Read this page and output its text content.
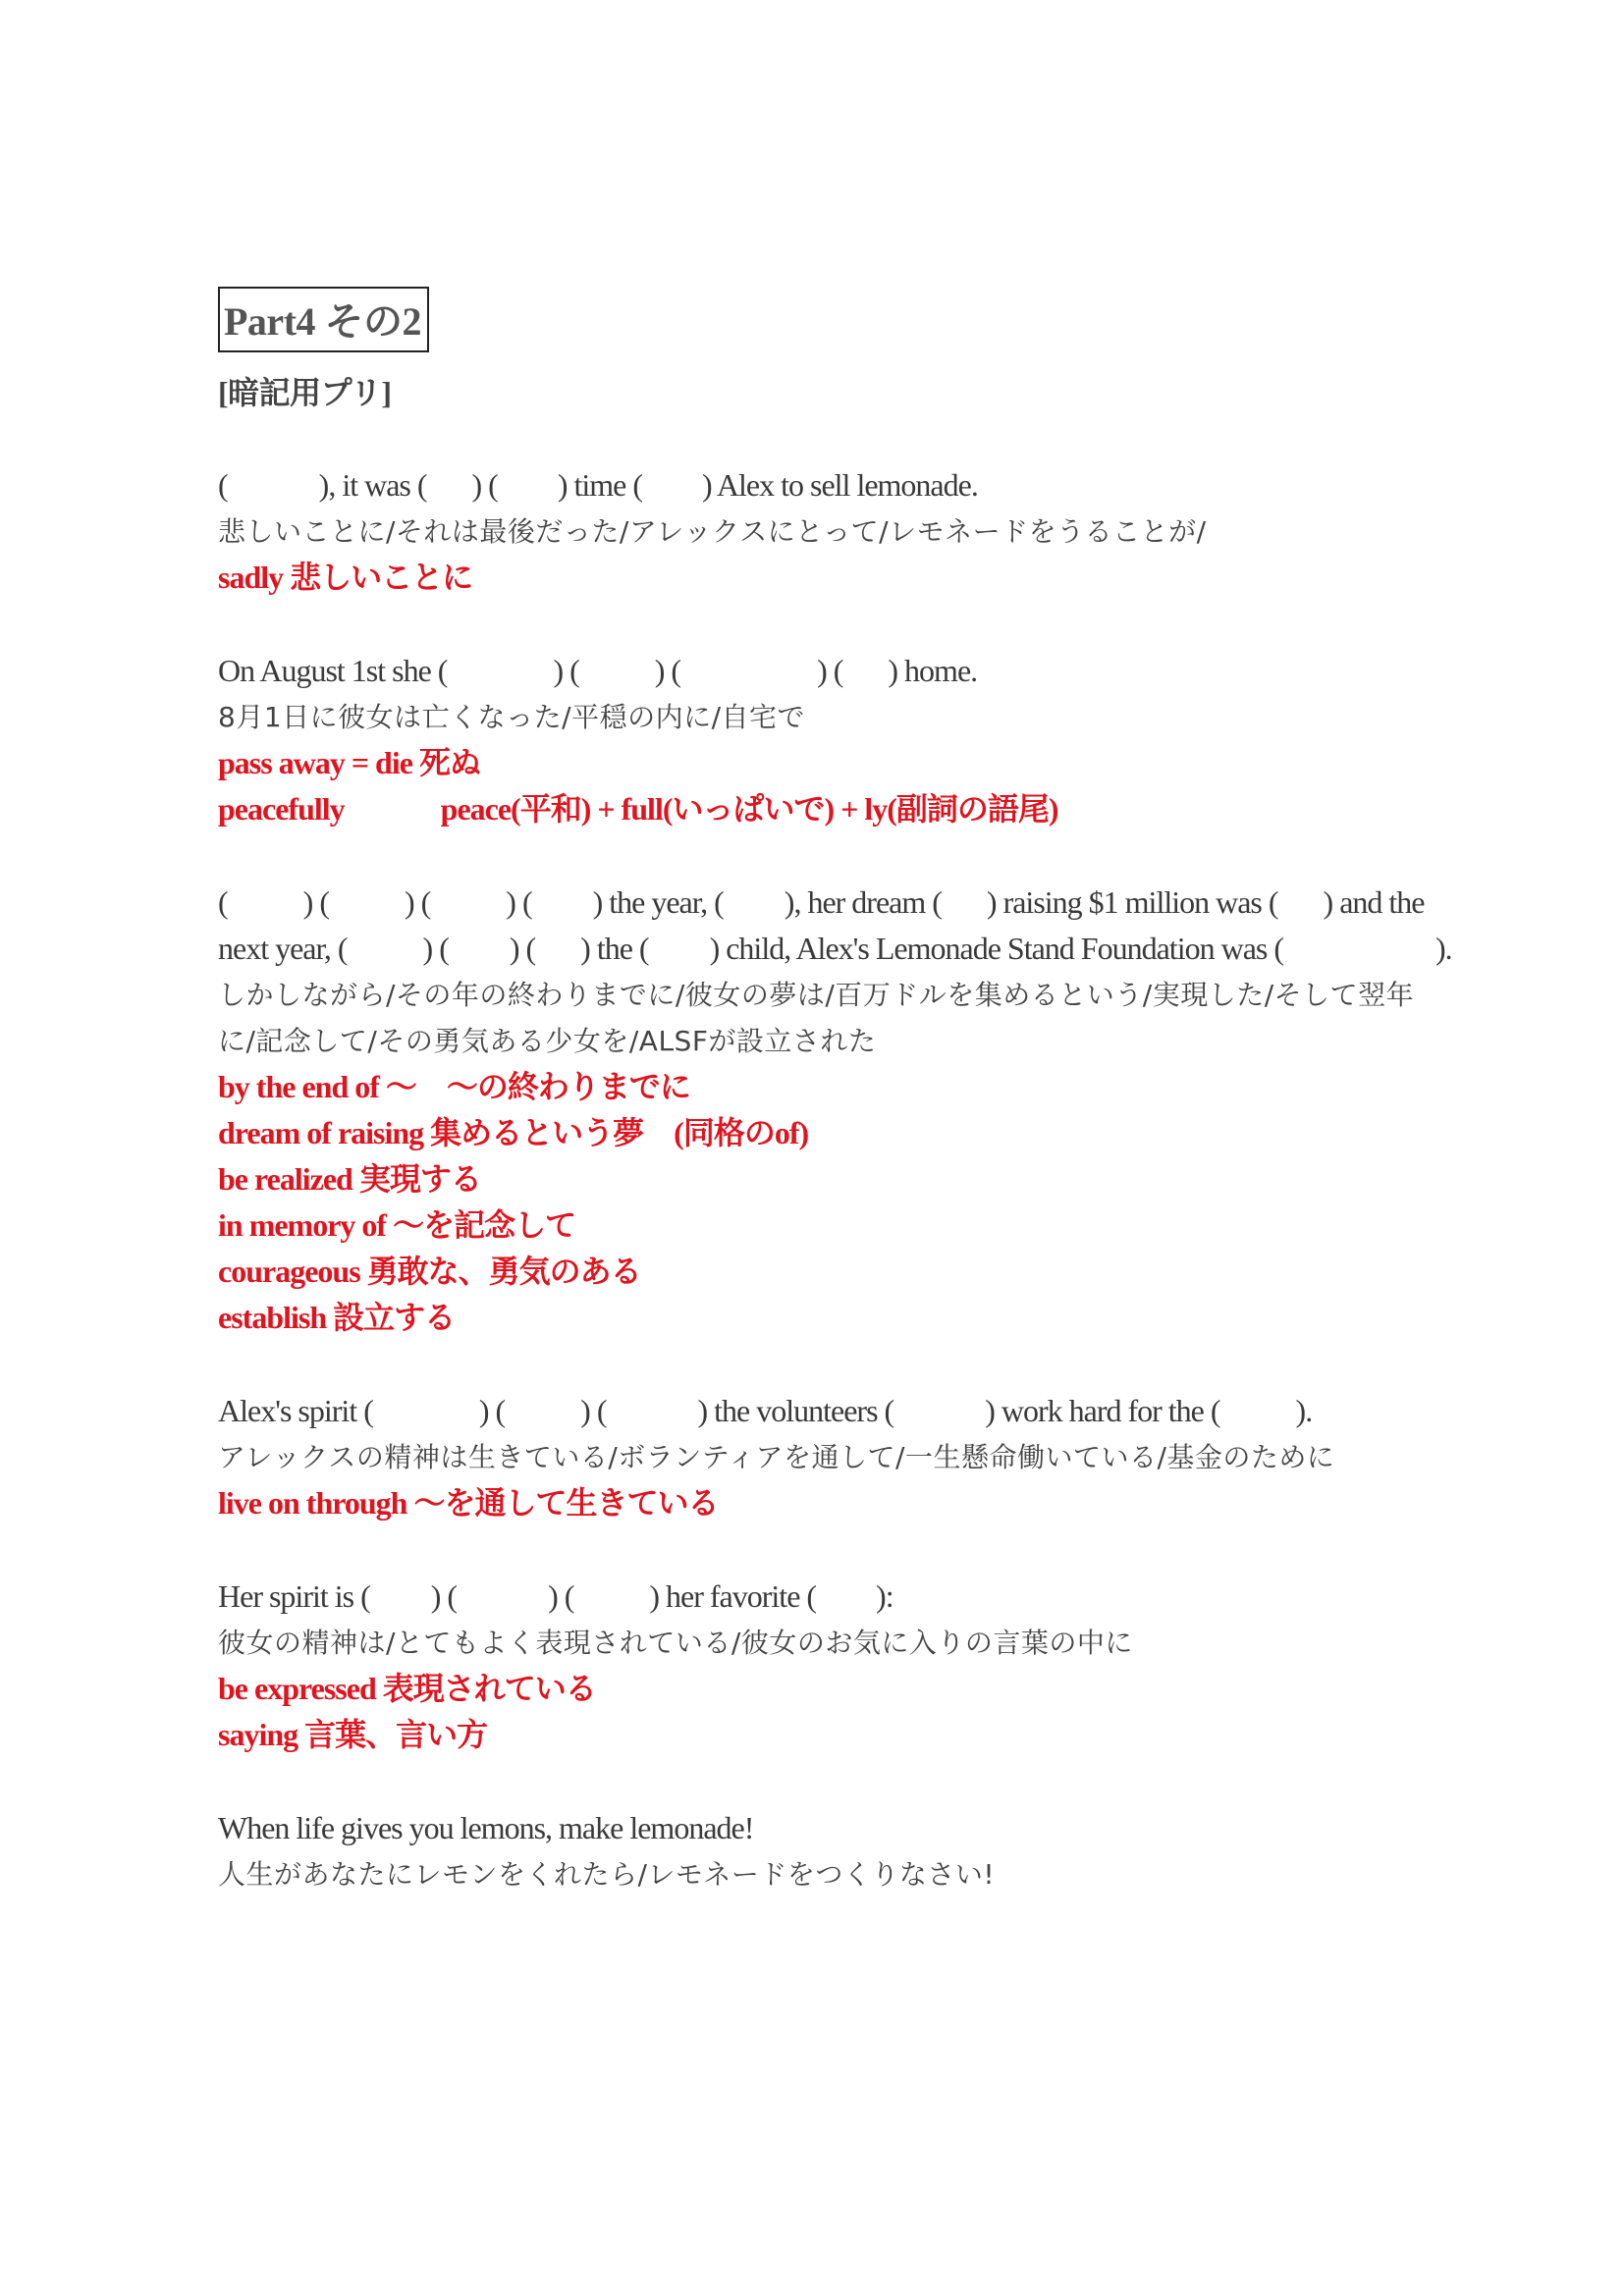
Part4 その2
[暗記用プリ]
(   ), it was (  ) (   ) time (   ) Alex to sell lemonade.
悲しいことに/それは最後だった/アレックスにとって/レモネードをうることが/
sadly 悲しいことに
On August 1st she (    ) (   ) (     ) (  ) home.
8月1日に彼女は亡くなった/平穏の内に/自宅で
pass away = die 死ぬ
peacefully	peace(平和) + full(いっぱいで) + ly(副詞の語尾)
(   ) (   ) (   ) (  ) the year, (  ), her dream (  ) raising $1 million was (  ) and the
next year, (   ) (  ) (  ) the (  ) child, Alex's Lemonade Stand Foundation was (     ).
しかしながら/その年の終わりまでに/彼女の夢は/百万ドルを集めるという/実現した/そして翌年
に/記念して/その勇気ある少女を/ALSFが設立された
by the end of ～　～の終わりまでに
dream of raising 集めるという夢　(同格のof)
be realized 実現する
in memory of ～を記念して
courageous 勇敢な、勇気のある
establish 設立する
Alex's spirit (    ) (   ) (   ) the volunteers (   ) work hard for the (   ).
アレックスの精神は生きている/ボランティアを通して/一生懸命働いている/基金のために
live on through ～を通して生きている
Her spirit is (  ) (   ) (   ) her favorite (   ):
彼女の精神は/とてもよく表現されている/彼女のお気に入りの言葉の中に
be expressed 表現されている
saying 言葉、言い方
When life gives you lemons, make lemonade!
人生があなたにレモンをくれたら/レモネードをつくりなさい!
